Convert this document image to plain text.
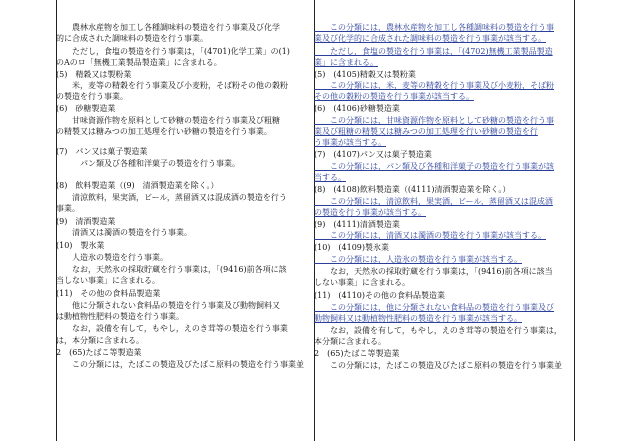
　　農林水産物を加工し各種調味料の製造を行う事業及び化学
的に合成された調味料の製造を行う事業。
　　ただし，食塩の製造を行う事業は，「(4701)化学工業」の(1)
のAのロ「無機工業製品製造業」に含まれる。
(5)　精穀又は製粉業
　　米，麦等の精穀を行う事業及び小麦粉，そば粉その他の穀粉
の製造を行う事業。
(6)　砂糖製造業
　　甘味資源作物を原料として砂糖の製造を行う事業及び粗糖
の精製又は糖みつの加工処理を行い砂糖の製造を行う事業。
(7)　パン又は菓子製造業
　　　パン類及び各種和洋菓子の製造を行う事業。
(8)　飲料製造業（(9)　清酒製造業を除く。）
　　清涼飲料，果実酒，ビール，蒸留酒又は混成酒の製造を行う
事業。
(9)　清酒製造業
　　清酒又は濁酒の製造を行う事業。
(10)　製氷業
　　人造氷の製造を行う事業。
　　なお，天然氷の採取貯蔵を行う事業は，「(9416)前各項に該
当しない事業」に含まれる。
(11)　その他の食料品製造業
　　他に分類されない食料品の製造を行う事業及び動物飼料又
は動植物性肥料の製造を行う事業。
　　なお，設備を有して，もやし，えのき茸等の製造を行う事業
は，本分類に含まれる。
2　(65)たばこ等製造業
　　この分類には，たばこの製造及びたばこ原料の製造を行う事業並
　　この分類には，農林水産物を加工し各種調味料の製造を行う事
業及び化学的に合成された調味料の製造を行う事業が該当する。
　　ただし，食塩の製造を行う事業は，「(4702)無機工業製品製造
業」に含まれる。
(5)　(4105)精穀又は製粉業
　　この分類には，米，麦等の精穀を行う事業及び小麦粉，そば粉
その他の穀粉の製造を行う事業が該当する。
(6)　(4106)砂糖製造業
　　この分類には，甘味資源作物を原料として砂糖の製造を行う事
業及び粗糖の精製又は糖みつの加工処理を行い砂糖の製造を行
う事業が該当する。
(7)　(4107)パン又は菓子製造業
　　この分類には，パン類及び各種和洋菓子の製造を行う事業が該
当する。
(8)　(4108)飲料製造業（(4111)清酒製造業を除く。）
　　この分類には，清涼飲料，果実酒，ビール，蒸留酒又は混成酒
の製造を行う事業が該当する。
(9)　(4111)清酒製造業
　　この分類には，清酒又は濁酒の製造を行う事業が該当する。
(10)　(4109)製氷業
　　この分類には，人造氷の製造を行う事業が該当する。
　　なお，天然氷の採取貯蔵を行う事業は，「(9416)前各項に該当
しない事業」に含まれる。
(11)　(4110)その他の食料品製造業
　　この分類には，他に分類されない食料品の製造を行う事業及び
動物飼料又は動植物性肥料の製造を行う事業が該当する。
　　なお，設備を有して，もやし，えのき茸等の製造を行う事業は，
本分類に含まれる。
2　(65)たばこ等製造業
　　この分類には，たばこの製造及びたばこ原料の製造を行う事業並
